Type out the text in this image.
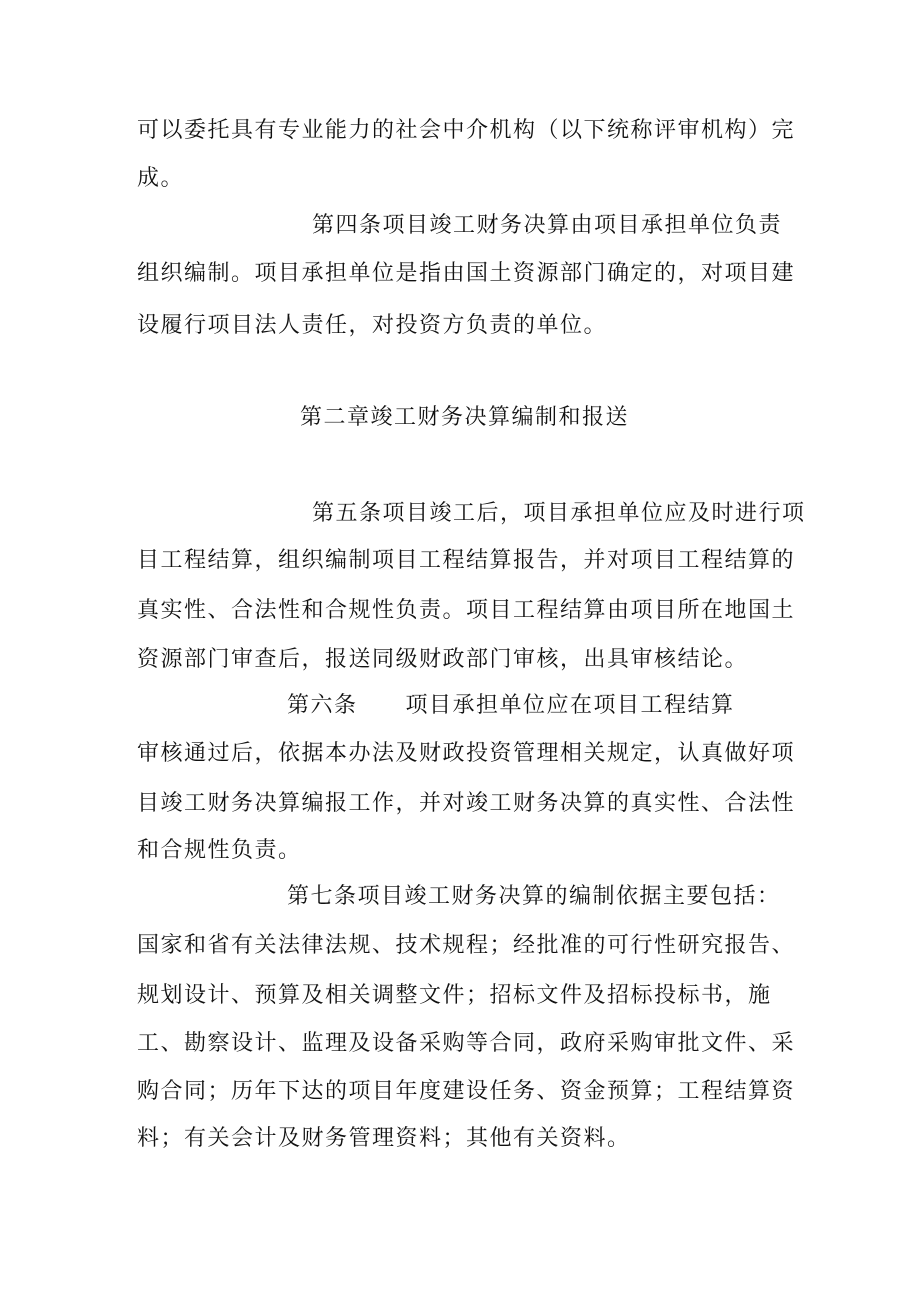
可以委托具有专业能力的社会中介机构（以下统称评审机构）完
成。
第四条项目竣工财务决算由项目承担单位负责
组织编制。项目承担单位是指由国土资源部门确定的，对项目建
设履行项目法人责任，对投资方负责的单位。
第二章竣工财务决算编制和报送
第五条项目竣工后，项目承担单位应及时进行项
目工程结算，组织编制项目工程结算报告，并对项目工程结算的
真实性、合法性和合规性负责。项目工程结算由项目所在地国土
资源部门审查后，报送同级财政部门审核，出具审核结论。
第六条 项目承担单位应在项目工程结算
审核通过后，依据本办法及财政投资管理相关规定，认真做好项
目竣工财务决算编报工作，并对竣工财务决算的真实性、合法性
和合规性负责。
第七条项目竣工财务决算的编制依据主要包括：
国家和省有关法律法规、技术规程；经批准的可行性研究报告、
规划设计、预算及相关调整文件；招标文件及招标投标书，施
工、勘察设计、监理及设备采购等合同，政府采购审批文件、采
购合同；历年下达的项目年度建设任务、资金预算；工程结算资
料；有关会计及财务管理资料；其他有关资料。
